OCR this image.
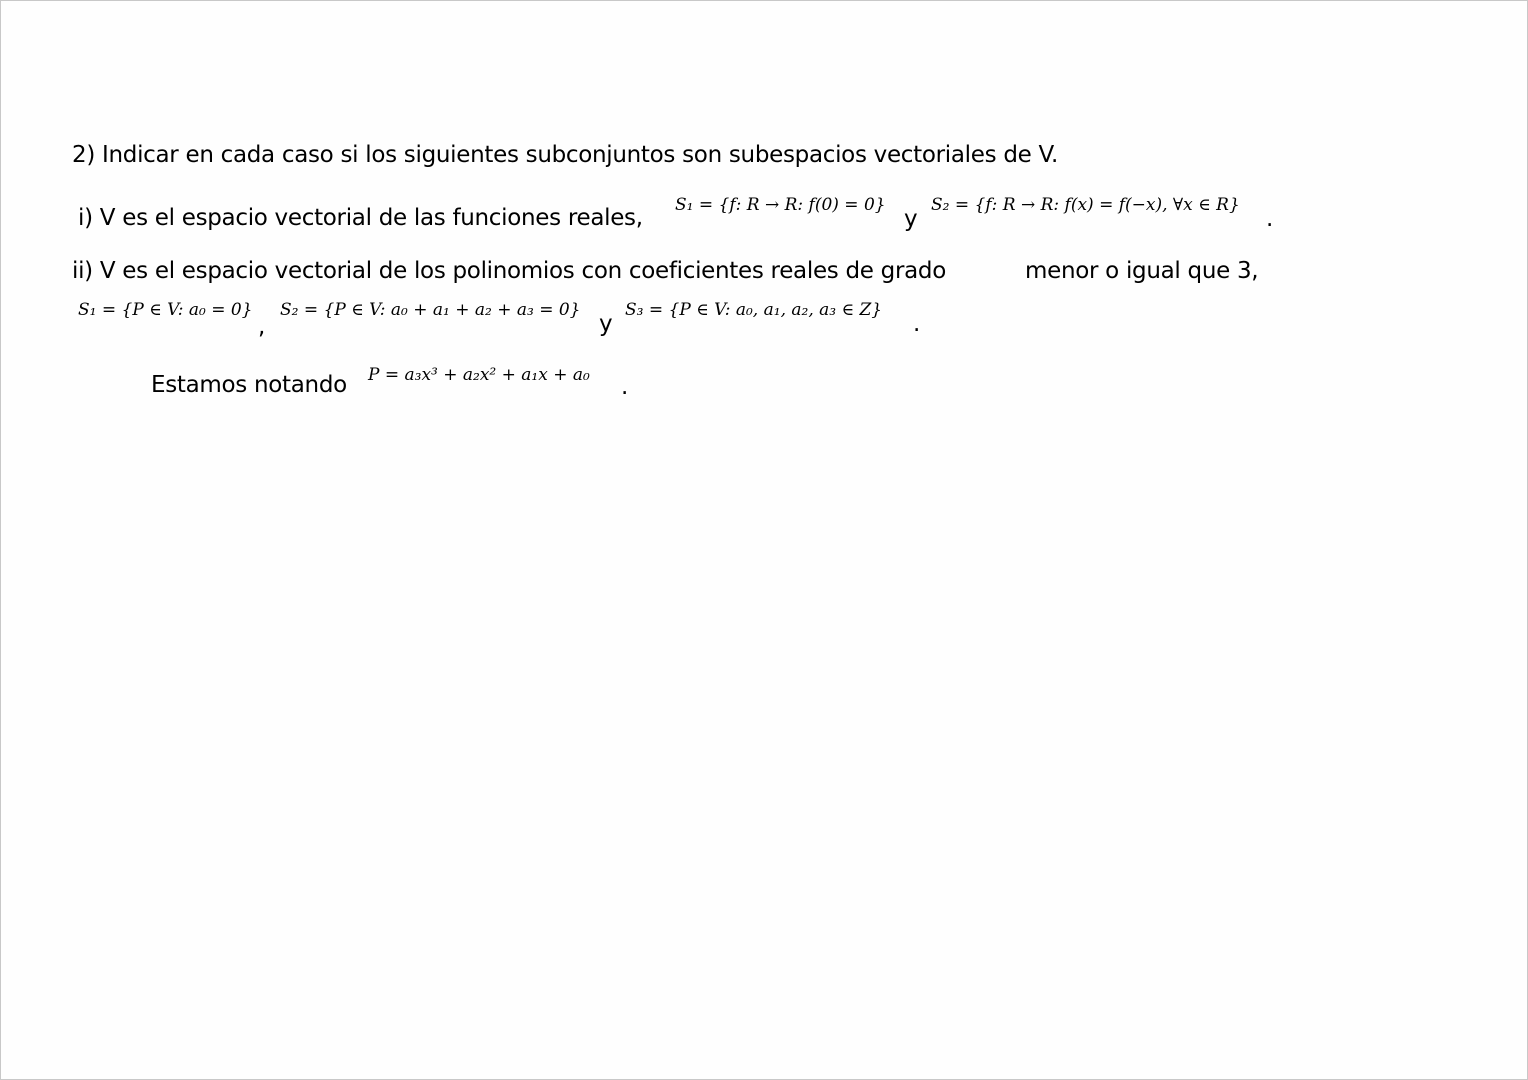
2) Indicar en cada caso si los siguientes subconjuntos son subespacios vectoriales de V.
i) V es el espacio vectorial de las funciones reales, S₁ = {f: R → R: f(0) = 0}
y
S₂ = {f: R → R: f(x) = f(−x), ∀x ∈ R}
.
ii) V es el espacio vectorial de los polinomios con coeficientes reales de grado	menor o igual que 3,
S₁ = {P ∈ V: a₀ = 0}
,
S₂ = {P ∈ V: a₀ + a₁ + a₂ + a₃ = 0}
y
S₃ = {P ∈ V: a₀, a₁, a₂, a₃ ∈ Z}
.
Estamos notando P = a₃x³ + a₂x² + a₁x + a₀ .
